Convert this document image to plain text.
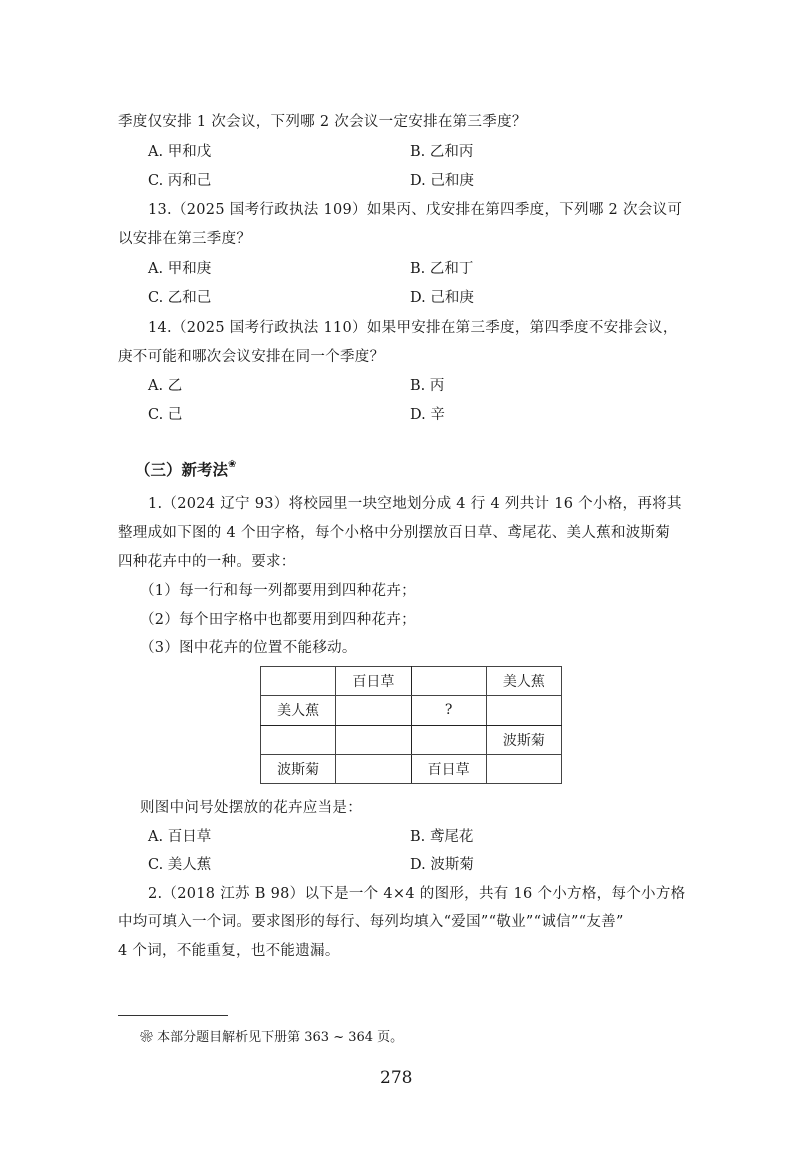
季度仅安排 1 次会议，下列哪 2 次会议一定安排在第三季度？
A. 甲和戊	B. 乙和丙
C. 丙和己	D. 己和庚
13.（2025 国考行政执法 109）如果丙、戊安排在第四季度，下列哪 2 次会议可
以安排在第三季度？
A. 甲和庚	B. 乙和丁
C. 乙和己	D. 己和庚
14.（2025 国考行政执法 110）如果甲安排在第三季度，第四季度不安排会议，
庚不可能和哪次会议安排在同一个季度？
A. 乙	B. 丙
C. 己	D. 辛
（三）新考法❀
1.（2024 辽宁 93）将校园里一块空地划分成 4 行 4 列共计 16 个小格，再将其
整理成如下图的 4 个田字格，每个小格中分别摆放百日草、鸢尾花、美人蕉和波斯菊
四种花卉中的一种。要求：
（1）每一行和每一列都要用到四种花卉；
（2）每个田字格中也都要用到四种花卉；
（3）图中花卉的位置不能移动。
	百日草		美人蕉
美人蕉		?	
			波斯菊
波斯菊		百日草	
则图中问号处摆放的花卉应当是：
A. 百日草	B. 鸢尾花
C. 美人蕉	D. 波斯菊
2.（2018 江苏 B 98）以下是一个 4×4 的图形，共有 16 个小方格，每个小方格
中均可填入一个词。要求图形的每行、每列均填入“爱国”“敬业”“诚信”“友善”
4 个词，不能重复，也不能遗漏。
❀ 本部分题目解析见下册第 363 ~ 364 页。
278
